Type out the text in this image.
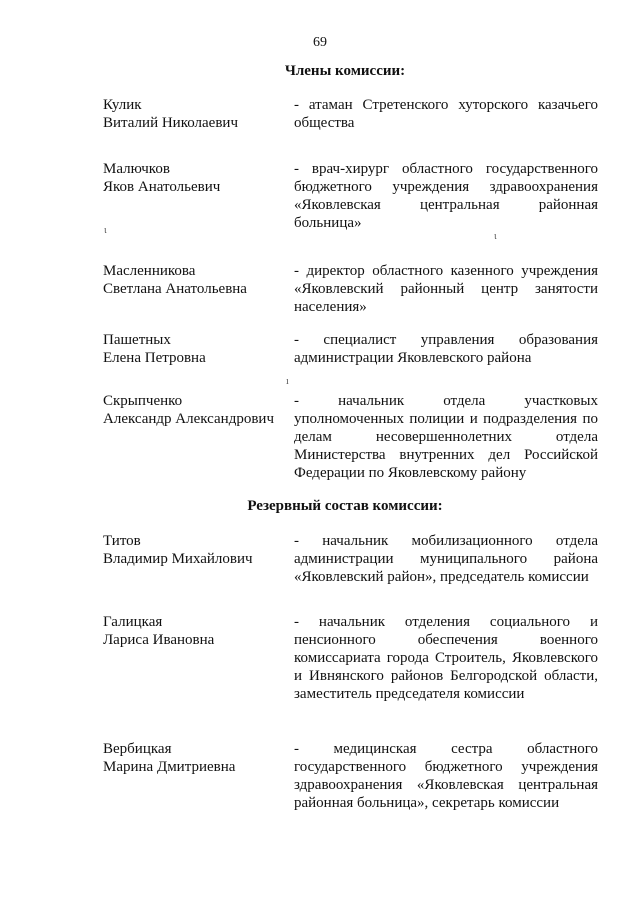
69
Члены комиссии:
Кулик
Виталий Николаевич
- атаман Стретенского хуторского казачьего общества
Малючков
Яков Анатольевич
- врач-хирург областного государственного бюджетного учреждения здравоохранения «Яковлевская центральная районная больница»
Масленникова
Светлана Анатольевна
- директор областного казенного учреждения «Яковлевский районный центр занятости населения»
Пашетных
Елена Петровна
- специалист управления образования администрации Яковлевского района
Скрыпченко
Александр Александрович
- начальник отдела участковых уполномоченных полиции и подразделения по делам несовершеннолетних отдела Министерства внутренних дел Российской Федерации по Яковлевскому району
Резервный состав комиссии:
Титов
Владимир Михайлович
- начальник мобилизационного отдела администрации муниципального района «Яковлевский район», председатель комиссии
Галицкая
Лариса Ивановна
- начальник отделения социального и пенсионного обеспечения военного комиссариата города Строитель, Яковлевского и Ивнянского районов Белгородской области, заместитель председателя комиссии
Вербицкая
Марина Дмитриевна
- медицинская сестра областного государственного бюджетного учреждения здравоохранения «Яковлевская центральная районная больница», секретарь комиссии
ι
ι
ı
